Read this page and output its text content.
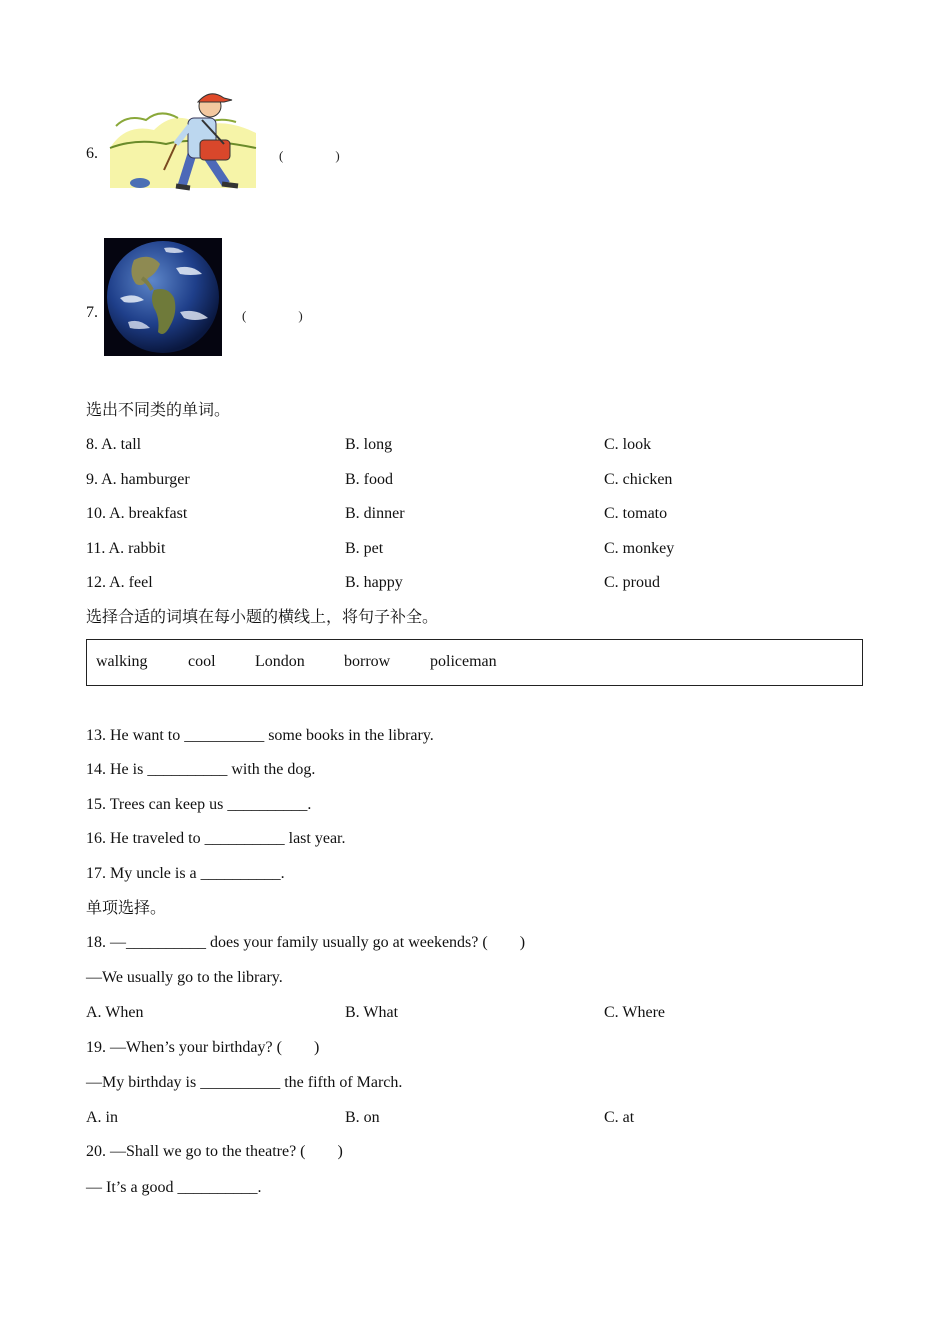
6.	(　　　　)
7.	(　　　　)
选出不同类的单词。
8. A. tall	B. long	C. look
9. A. hamburger	B. food	C. chicken
10. A. breakfast	B. dinner	C. tomato
11. A. rabbit	B. pet	C. monkey
12. A. feel	B. happy	C. proud
选择合适的词填在每小题的横线上，将句子补全。
walking	cool London borrow policeman
13. He want to __________ some books in the library.
14. He is __________ with the dog.
15. Trees can keep us __________.
16. He traveled to __________ last year.
17. My uncle is a __________.
单项选择。
18. —__________ does your family usually go at weekends? (　　)
—We usually go to the library.
A. When	B. What	C. Where
19. —When’s your birthday? (　　)
—My birthday is __________ the fifth of March.
A. in	B. on	C. at
20. —Shall we go to the theatre? (　　)
— It’s a good __________.
